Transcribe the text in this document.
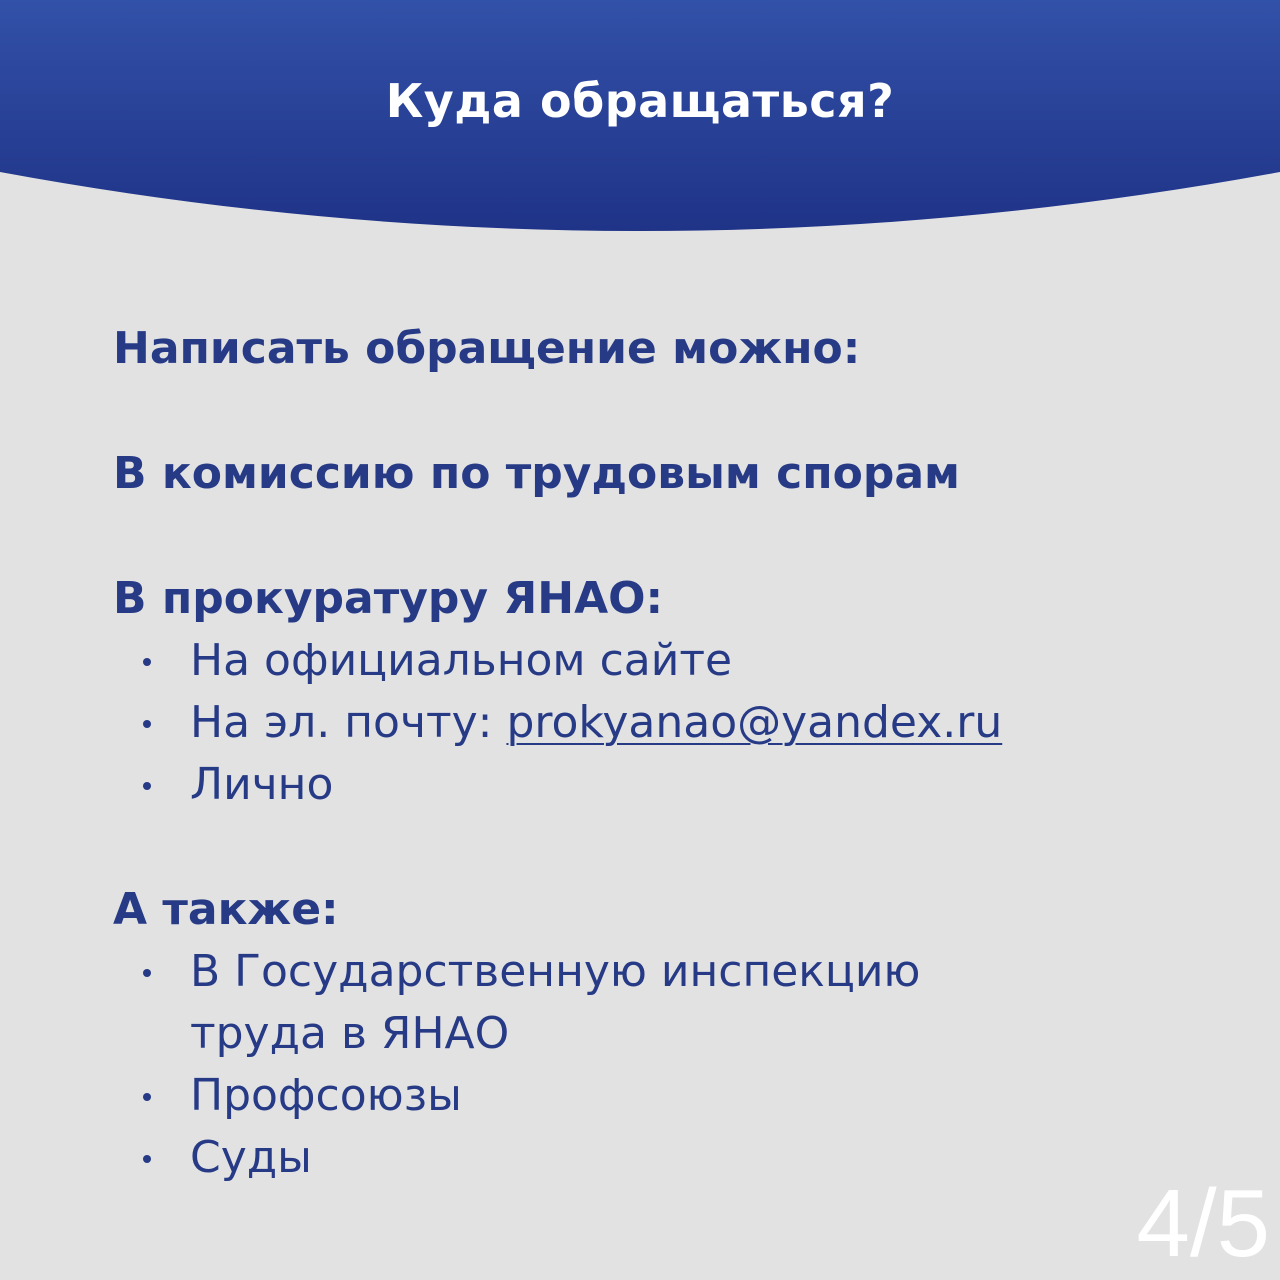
Куда обращаться?

Написать обращение можно:

В комиссию по трудовым спорам

В прокуратуру ЯНАО:

На официальном сайте
На эл. почту: prokyanao@yandex.ru
Лично

А также:

В Государственную инспекцию
труда в ЯНАО
Профсоюзы
Суды
4/5
